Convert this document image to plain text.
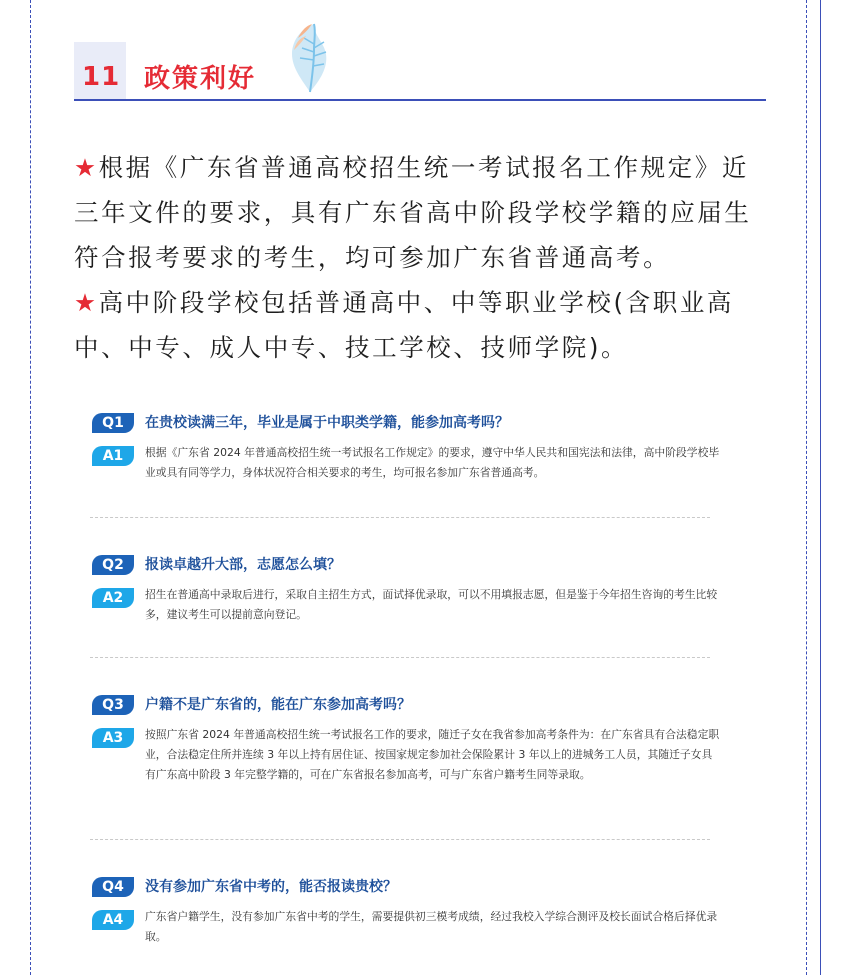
11 政策利好

★根据《广东省普通高校招生统一考试报名工作规定》近三年文件的要求，具有广东省高中阶段学校学籍的应届生符合报考要求的考生，均可参加广东省普通高考。

★高中阶段学校包括普通高中、中等职业学校(含职业高中、中专、成人中专、技工学校、技师学院)。

Q1	在贵校读满三年，毕业是属于中职类学籍，能参加高考吗？
A1	根据《广东省 2024 年普通高校招生统一考试报名工作规定》的要求，遵守中华人民共和国宪法和法律，高中阶段学校毕业或具有同等学力，身体状况符合相关要求的考生，均可报名参加广东省普通高考。
Q2	报读卓越升大部，志愿怎么填？
A2	招生在普通高中录取后进行，采取自主招生方式，面试择优录取，可以不用填报志愿，但是鉴于今年招生咨询的考生比较多，建议考生可以提前意向登记。
Q3	户籍不是广东省的，能在广东参加高考吗？
A3	按照广东省 2024 年普通高校招生统一考试报名工作的要求，随迁子女在我省参加高考条件为：在广东省具有合法稳定职业，合法稳定住所并连续 3 年以上持有居住证、按国家规定参加社会保险累计 3 年以上的进城务工人员，其随迁子女具有广东高中阶段 3 年完整学籍的，可在广东省报名参加高考，可与广东省户籍考生同等录取。
Q4	没有参加广东省中考的，能否报读贵校？
A4	广东省户籍学生，没有参加广东省中考的学生，需要提供初三模考成绩，经过我校入学综合测评及校长面试合格后择优录取。
